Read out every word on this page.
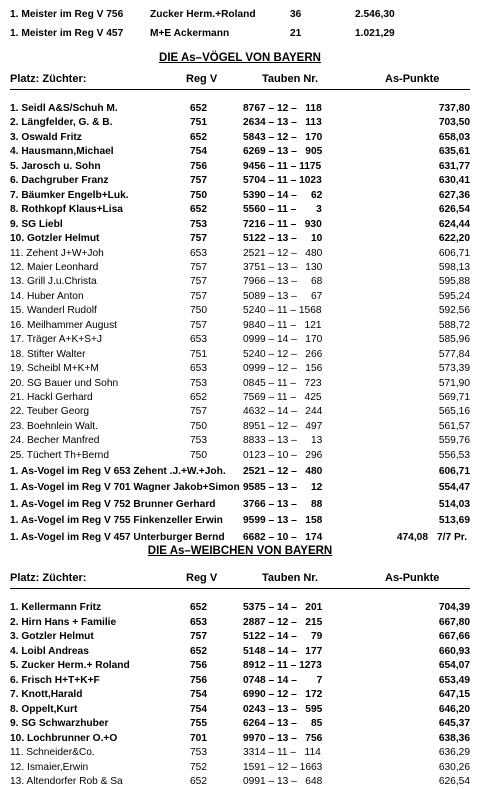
1. Meister im Reg V 756	Zucker Herm.+Roland	36	2.546,30
1. Meister im Reg V 457	M+E Ackermann	21	1.021,29
DIE As–VÖGEL VON BAYERN
Platz: Züchter:	Reg V	Tauben Nr.	As-Punkte
1. Seidl A&S/Schuh M.	652	8767 – 12 –   118	737,80
2. Längfelder, G. & B.	751	2634 – 13 –   113	703,50
3. Oswald Fritz	652	5843 – 12 –   170	658,03
4. Hausmann,Michael	754	6269 – 13 –   905	635,61
5. Jarosch u. Sohn	756	9456 – 11 – 1175	631,77
6. Dachgruber Franz	757	5704 – 11 – 1023	630,41
7. Bäumker Engelb+Luk.	750	5390 – 14 –     62	627,36
8. Rothkopf Klaus+Lisa	652	5560 – 11 –       3	626,54
9. SG Liebl	753	7216 – 11 –   930	624,44
10. Gotzler Helmut	757	5122 – 13 –     10	622,20
11. Zehent J+W+Joh	653	2521 – 12 –   480	606,71
12. Maier Leonhard	757	3751 – 13 –   130	598,13
13. Grill J.u.Christa	757	7966 – 13 –     68	595,88
14. Huber Anton	757	5089 – 13 –     67	595,24
15. Wanderl Rudolf	750	5240 – 11 – 1568	592,56
16. Meilhammer August	757	9840 – 11 –   121	588,72
17. Träger A+K+S+J	653	0999 – 14 –   170	585,96
18. Stifter Walter	751	5240 – 12 –   266	577,84
19. Scheibl M+K+M	653	0999 – 12 –   156	573,39
20. SG Bauer und Sohn	753	0845 – 11 –   723	571,90
21. Hackl Gerhard	652	7569 – 11 –   425	569,71
22. Teuber Georg	757	4632 – 14 –   244	565,16
23. Boehnlein Walt.	750	8951 – 12 –   497	561,57
24. Becher Manfred	753	8833 – 13 –     13	559,76
25. Tüchert Th+Bernd	750	0123 – 10 –   296	556,53
1. As-Vogel im Reg V 653 Zehent .J.+W.+Joh. 2521 – 12 –   480	606,71
1. As-Vogel im Reg V 701 Wagner Jakob+Simon 9585 – 13 –     12	554,47
1. As-Vogel im Reg V 752 Brunner Gerhard	3766 – 13 –     88	514,03
1. As-Vogel im Reg V 755 Finkenzeller Erwin 9599 – 13 –   158	513,69
1. As-Vogel im Reg V 457 Unterburger Bernd 6682 – 10 –   174	474,08 7/7 Pr.
DIE As–WEIBCHEN VON BAYERN
Platz: Züchter:	Reg V	Tauben Nr.	As-Punkte
1. Kellermann Fritz	652	5375 – 14 –   201	704,39
2. Hirn Hans + Familie	653	2887 – 12 –   215	667,80
3. Gotzler Helmut	757	5122 – 14 –     79	667,66
4. Loibl Andreas	652	5148 – 14 –   177	660,93
5. Zucker Herm.+ Roland	756	8912 – 11 – 1273	654,07
6. Frisch H+T+K+F	756	0748 – 14 –       7	653,49
7. Knott,Harald	754	6990 – 12 –   172	647,15
8. Oppelt,Kurt	754	0243 – 13 –   595	646,20
9. SG Schwarzhuber	755	6264 – 13 –     85	645,37
10. Lochbrunner O.+O	701	9970 – 13 –   756	638,36
11. Schneider&Co.	753	3314 – 11 –   114	636,29
12. Ismaier,Erwin	752	1591 – 12 – 1663	630,26
13. Altendorfer Rob & Sa	652	0991 – 13 –   648	626,54
